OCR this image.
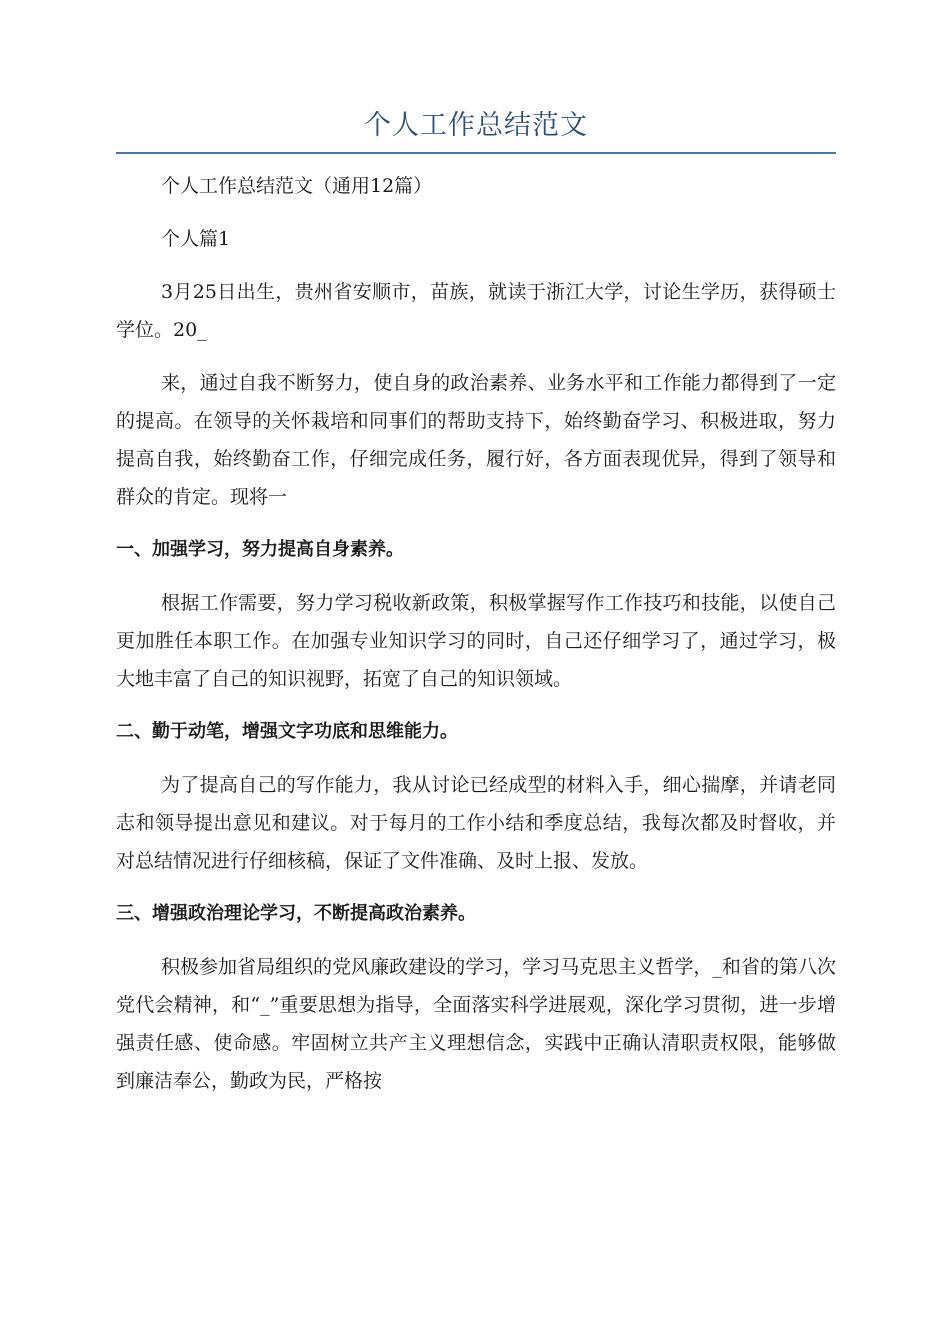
个人工作总结范文

个人工作总结范文（通用12篇）

个人篇1

3月25日出生，贵州省安顺市，苗族，就读于浙江大学，讨论生学历，获得硕士学位。20_

来，通过自我不断努力，使自身的政治素养、业务水平和工作能力都得到了一定的提高。在领导的关怀栽培和同事们的帮助支持下，始终勤奋学习、积极进取，努力提高自我，始终勤奋工作，仔细完成任务，履行好，各方面表现优异，得到了领导和群众的肯定。现将一

一、加强学习，努力提高自身素养。

根据工作需要，努力学习税收新政策，积极掌握写作工作技巧和技能，以使自己更加胜任本职工作。在加强专业知识学习的同时，自己还仔细学习了，通过学习，极大地丰富了自己的知识视野，拓宽了自己的知识领域。

二、勤于动笔，增强文字功底和思维能力。

为了提高自己的写作能力，我从讨论已经成型的材料入手，细心揣摩，并请老同志和领导提出意见和建议。对于每月的工作小结和季度总结，我每次都及时督收，并对总结情况进行仔细核稿，保证了文件准确、及时上报、发放。

三、增强政治理论学习，不断提高政治素养。

积极参加省局组织的党风廉政建设的学习，学习马克思主义哲学，_和省的第八次党代会精神，和“_”重要思想为指导，全面落实科学进展观，深化学习贯彻，进一步增强责任感、使命感。牢固树立共产主义理想信念，实践中正确认清职责权限，能够做到廉洁奉公，勤政为民，严格按
